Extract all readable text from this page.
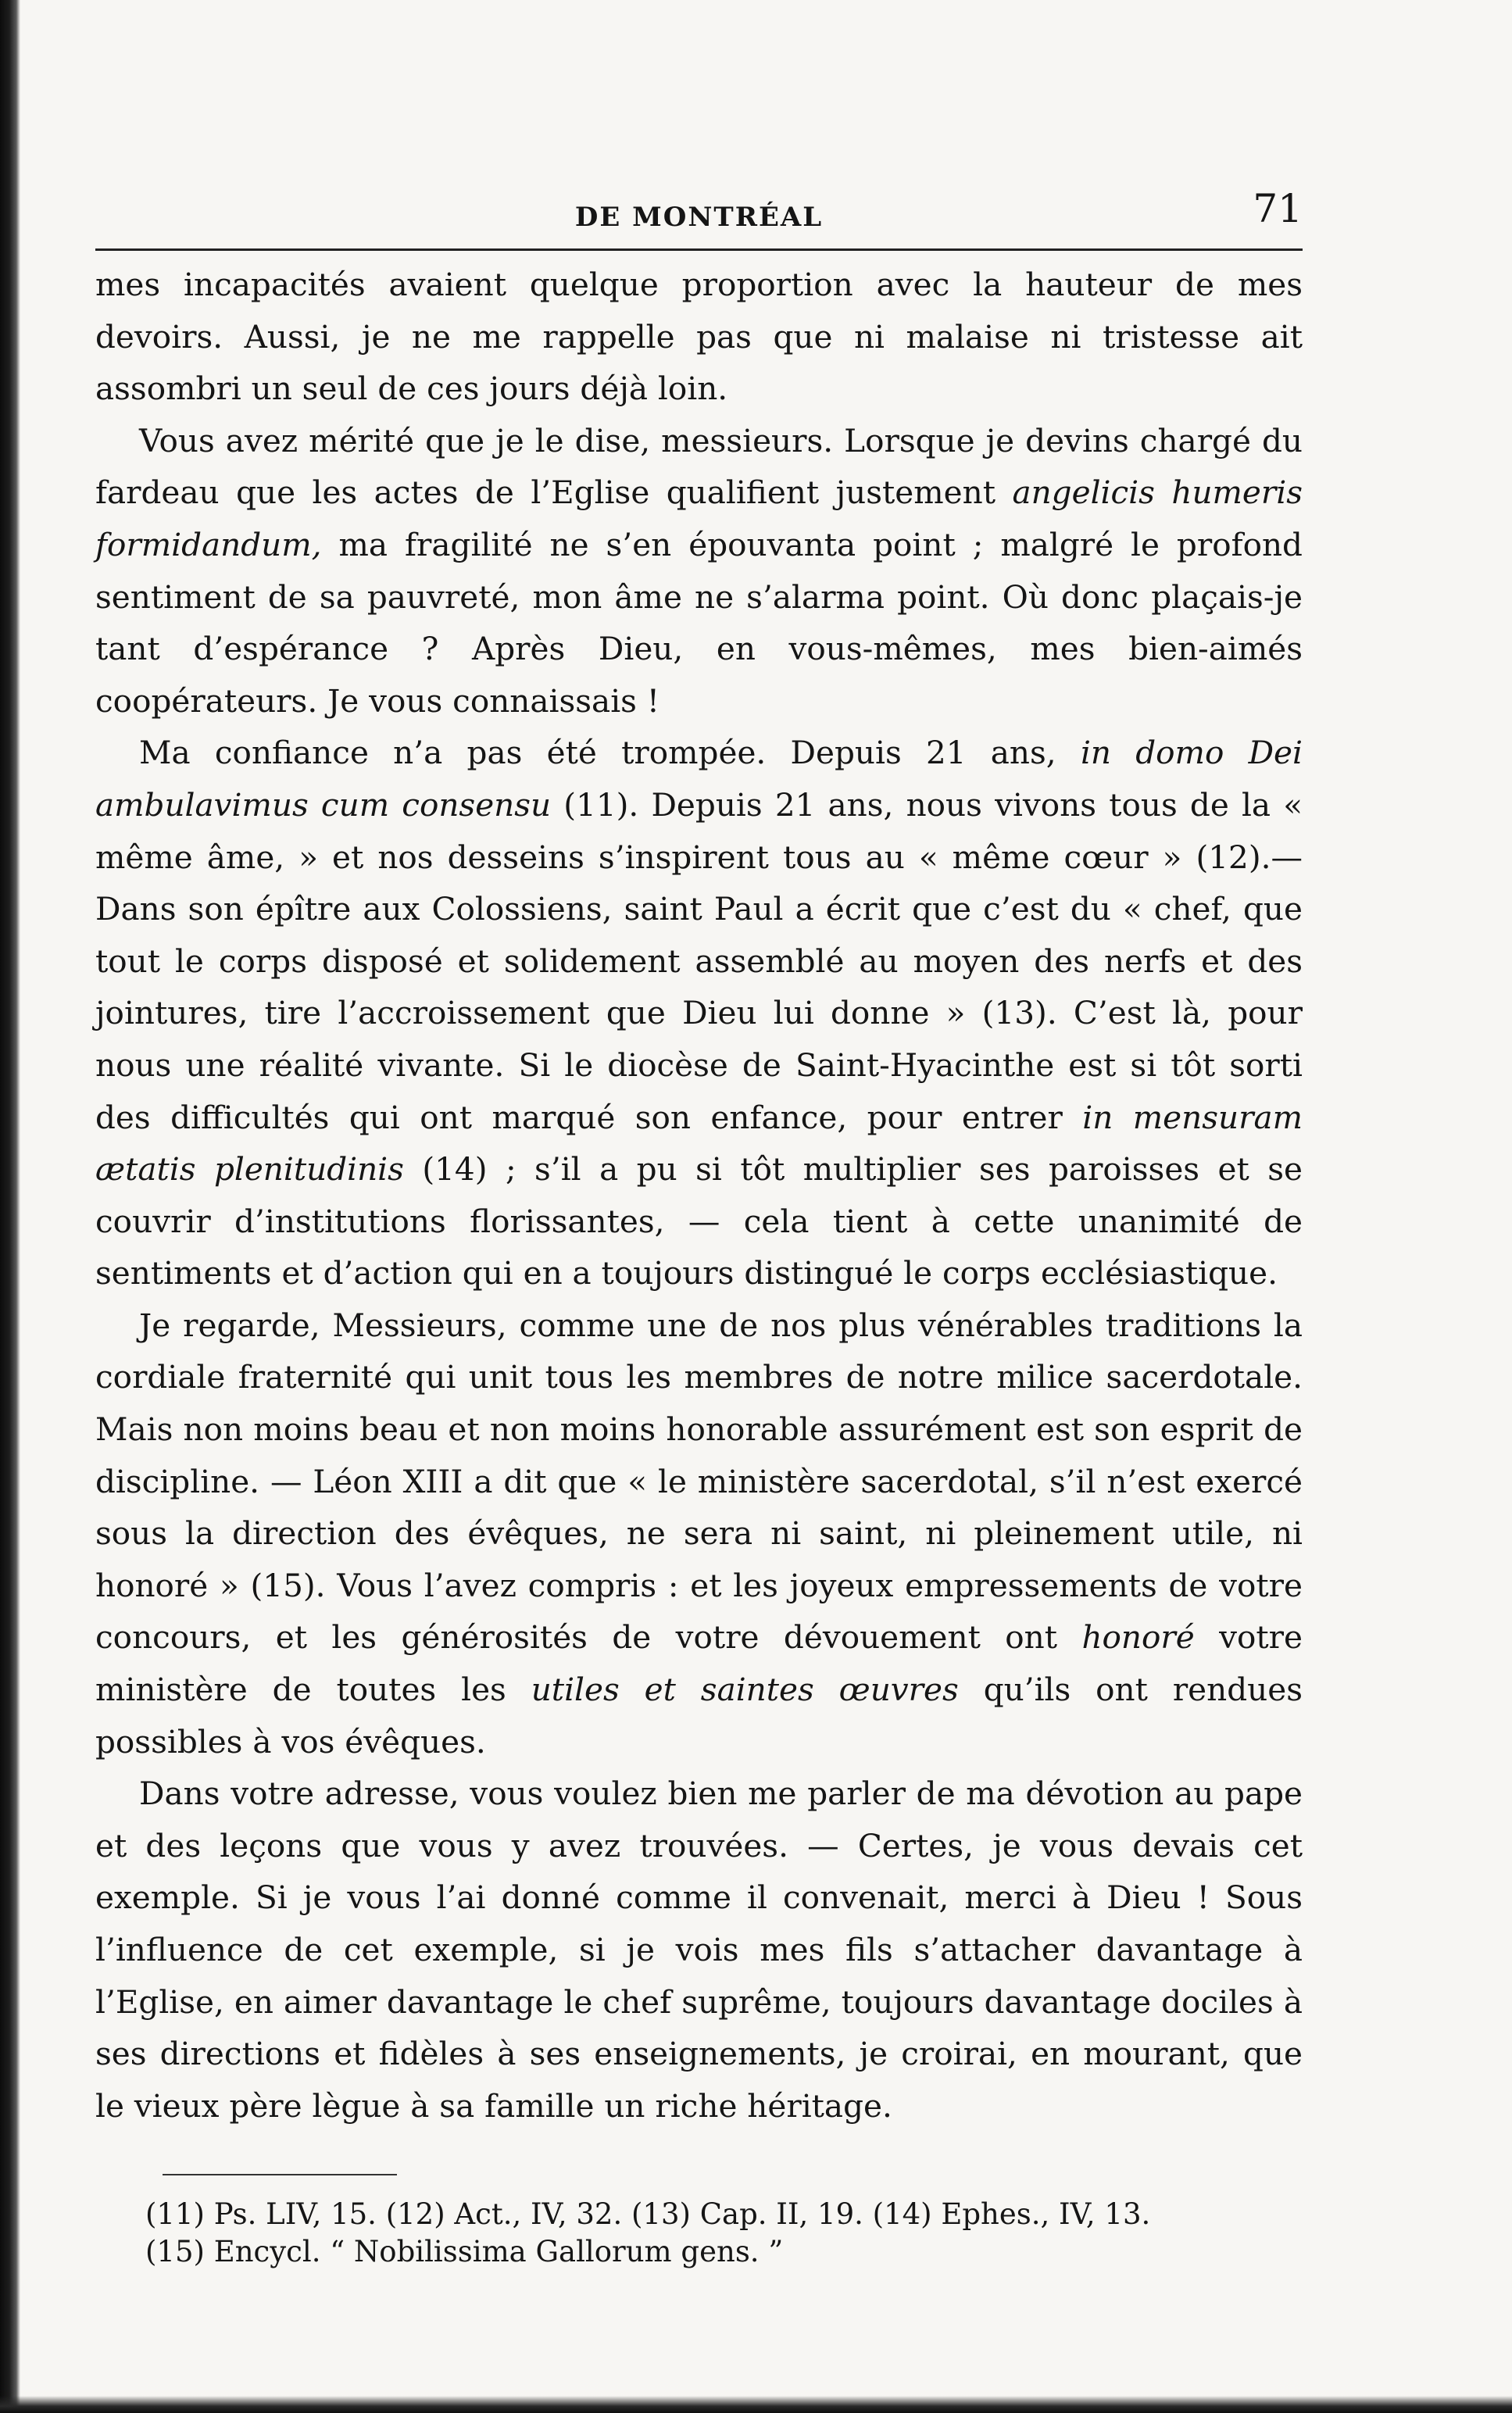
DE MONTRÉAL	71

mes incapacités avaient quelque proportion avec la hauteur de mes devoirs. Aussi, je ne me rappelle pas que ni malaise ni tristesse ait assombri un seul de ces jours déjà loin.

Vous avez mérité que je le dise, messieurs. Lorsque je devins chargé du fardeau que les actes de l’Eglise qualifient justement angelicis humeris formidandum, ma fragilité ne s’en épouvanta point ; malgré le profond sentiment de sa pauvreté, mon âme ne s’alarma point. Où donc plaçais-je tant d’espérance ? Après Dieu, en vous-mêmes, mes bien-aimés coopérateurs. Je vous connaissais !

Ma confiance n’a pas été trompée. Depuis 21 ans, in domo Dei ambulavimus cum consensu (11). Depuis 21 ans, nous vivons tous de la « même âme, » et nos desseins s’inspirent tous au « même cœur » (12).—Dans son épître aux Colossiens, saint Paul a écrit que c’est du « chef, que tout le corps disposé et solidement assemblé au moyen des nerfs et des jointures, tire l’accroissement que Dieu lui donne » (13). C’est là, pour nous une réalité vivante. Si le diocèse de Saint-Hyacinthe est si tôt sorti des difficultés qui ont marqué son enfance, pour entrer in mensuram ætatis plenitudinis (14) ; s’il a pu si tôt multiplier ses paroisses et se couvrir d’institutions florissantes, — cela tient à cette unanimité de sentiments et d’action qui en a toujours distingué le corps ecclésiastique.

Je regarde, Messieurs, comme une de nos plus vénérables traditions la cordiale fraternité qui unit tous les membres de notre milice sacerdotale. Mais non moins beau et non moins honorable assurément est son esprit de discipline. — Léon XIII a dit que « le ministère sacerdotal, s’il n’est exercé sous la direction des évêques, ne sera ni saint, ni pleinement utile, ni honoré » (15). Vous l’avez compris : et les joyeux empressements de votre concours, et les générosités de votre dévouement ont honoré votre ministère de toutes les utiles et saintes œuvres qu’ils ont rendues possibles à vos évêques.

Dans votre adresse, vous voulez bien me parler de ma dévotion au pape et des leçons que vous y avez trouvées. — Certes, je vous devais cet exemple. Si je vous l’ai donné comme il convenait, merci à Dieu ! Sous l’influence de cet exemple, si je vois mes fils s’attacher davantage à l’Eglise, en aimer davantage le chef suprême, toujours davantage dociles à ses directions et fidèles à ses enseignements, je croirai, en mourant, que le vieux père lègue à sa famille un riche héritage.

(11) Ps. LIV, 15. (12) Act., IV, 32. (13) Cap. II, 19. (14) Ephes., IV, 13.

(15) Encycl. “ Nobilissima Gallorum gens. ”
